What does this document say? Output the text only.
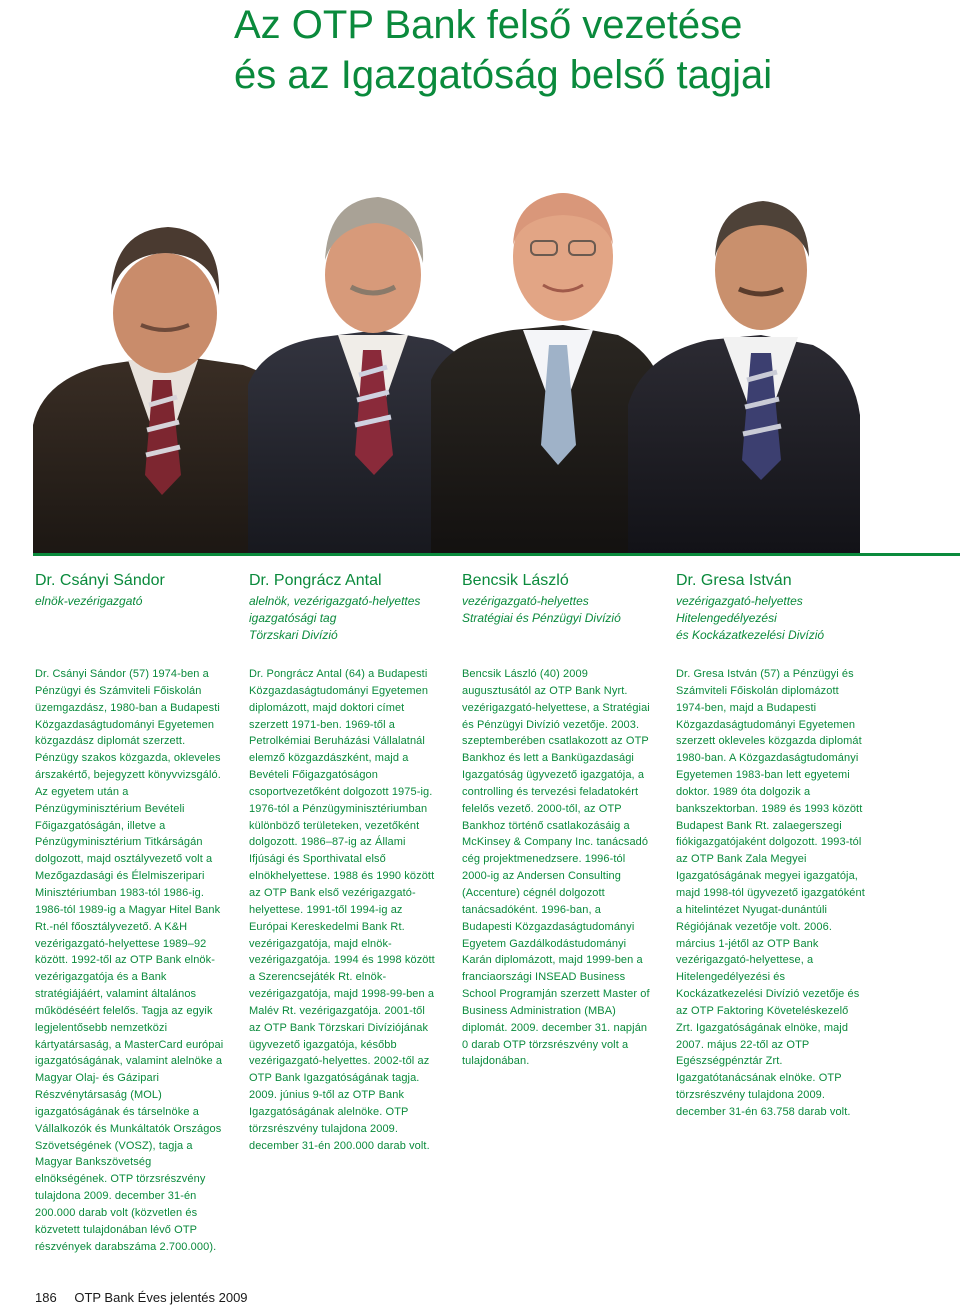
Az OTP Bank felső vezetése
és az Igazgatóság belső tagjai
Dr. Csányi Sándor
elnök-vezérigazgató
Dr. Pongrácz Antal
alelnök, vezérigazgató-helyettes
igazgatósági tag
Törzskari Divízió
Bencsik László
vezérigazgató-helyettes
Stratégiai és Pénzügyi Divízió
Dr. Gresa István
vezérigazgató-helyettes
Hitelengedélyezési
és Kockázatkezelési Divízió

Dr. Csányi Sándor (57) 1974-ben a Pénzügyi és Számviteli Főiskolán üzemgazdász, 1980-ban a Budapesti Közgazdaságtudományi Egyetemen közgazdász diplomát szerzett. Pénzügy szakos közgazda, okleveles árszakértő, bejegyzett könyvvizsgáló. Az egyetem után a Pénzügyminisztérium Bevételi Főigazgatóságán, illetve a Pénzügyminisztérium Titkárságán dolgozott, majd osztályvezető volt a Mezőgazdasági és Élelmiszeripari Minisztériumban 1983-tól 1986-ig. 1986-tól 1989-ig a Magyar Hitel Bank Rt.-nél főosztályvezető. A K&H vezérigazgató-helyettese 1989–92 között. 1992-től az OTP Bank elnök-vezérigazgatója és a Bank stratégiájáért, valamint általános működéséért felelős. Tagja az egyik legjelentősebb nemzetközi kártyatársaság, a MasterCard európai igazgatóságának, valamint alelnöke a Magyar Olaj- és Gázipari Részvénytársaság (MOL) igazgatóságának és társelnöke a Vállalkozók és Munkáltatók Országos Szövetségének (VOSZ), tagja a Magyar Bankszövetség elnökségének. OTP törzsrészvény tulajdona 2009. december 31-én 200.000 darab volt (közvetlen és közvetett tulajdonában lévő OTP részvények darabszáma 2.700.000).

Dr. Pongrácz Antal (64) a Budapesti Közgazdaságtudományi Egyetemen diplomázott, majd doktori címet szerzett 1971-ben. 1969-től a Petrolkémiai Beruházási Vállalatnál elemző közgazdászként, majd a Bevételi Főigazgatóságon csoportvezetőként dolgozott 1975-ig. 1976-tól a Pénzügyminisztériumban különböző területeken, vezetőként dolgozott. 1986–87-ig az Állami Ifjúsági és Sporthivatal első elnökhelyettese. 1988 és 1990 között az OTP Bank első vezérigazgató-helyettese. 1991-től 1994-ig az Európai Kereskedelmi Bank Rt. vezérigazgatója, majd elnök-vezérigazgatója. 1994 és 1998 között a Szerencsejáték Rt. elnök-vezérigazgatója, majd 1998-99-ben a Malév Rt. vezérigazgatója. 2001-től az OTP Bank Törzskari Divíziójának ügyvezető igazgatója, később vezérigazgató-helyettes. 2002-től az OTP Bank Igazgatóságának tagja. 2009. június 9-től az OTP Bank Igazgatóságának alelnöke. OTP törzsrészvény tulajdona 2009. december 31-én 200.000 darab volt.

Bencsik László (40) 2009 augusztusától az OTP Bank Nyrt. vezérigazgató-helyettese, a Stratégiai és Pénzügyi Divízió vezetője. 2003. szeptemberében csatlakozott az OTP Bankhoz és lett a Bankügazdasági Igazgatóság ügyvezető igazgatója, a controlling és tervezési feladatokért felelős vezető. 2000-től, az OTP Bankhoz történő csatlakozásáig a McKinsey & Company Inc. tanácsadó cég projektmenedzsere. 1996-tól 2000-ig az Andersen Consulting (Accenture) cégnél dolgozott tanácsadóként. 1996-ban, a Budapesti Közgazdaságtudományi Egyetem Gazdálkodástudományi Karán diplomázott, majd 1999-ben a franciaországi INSEAD Business School Programján szerzett Master of Business Administration (MBA) diplomát. 2009. december 31. napján 0 darab OTP törzsrészvény volt a tulajdonában.

Dr. Gresa István (57) a Pénzügyi és Számviteli Főiskolán diplomázott 1974-ben, majd a Budapesti Közgazdaságtudományi Egyetemen szerzett okleveles közgazda diplomát 1980-ban. A Közgazdaságtudományi Egyetemen 1983-ban lett egyetemi doktor. 1989 óta dolgozik a bankszektorban. 1989 és 1993 között Budapest Bank Rt. zalaegerszegi fiókigazgatójaként dolgozott. 1993-tól az OTP Bank Zala Megyei Igazgatóságának megyei igazgatója, majd 1998-tól ügyvezető igazgatóként a hitelintézet Nyugat-dunántúli Régiójának vezetője volt. 2006. március 1-jétől az OTP Bank vezérigazgató-helyettese, a Hitelengedélyezési és Kockázatkezelési Divízió vezetője és az OTP Faktoring Követeléskezelő Zrt. Igazgatóságának elnöke, majd 2007. május 22-től az OTP Egészségpénztár Zrt. Igazgatótanácsának elnöke. OTP törzsrészvény tulajdona 2009. december 31-én 63.758 darab volt.

186 OTP Bank Éves jelentés 2009
